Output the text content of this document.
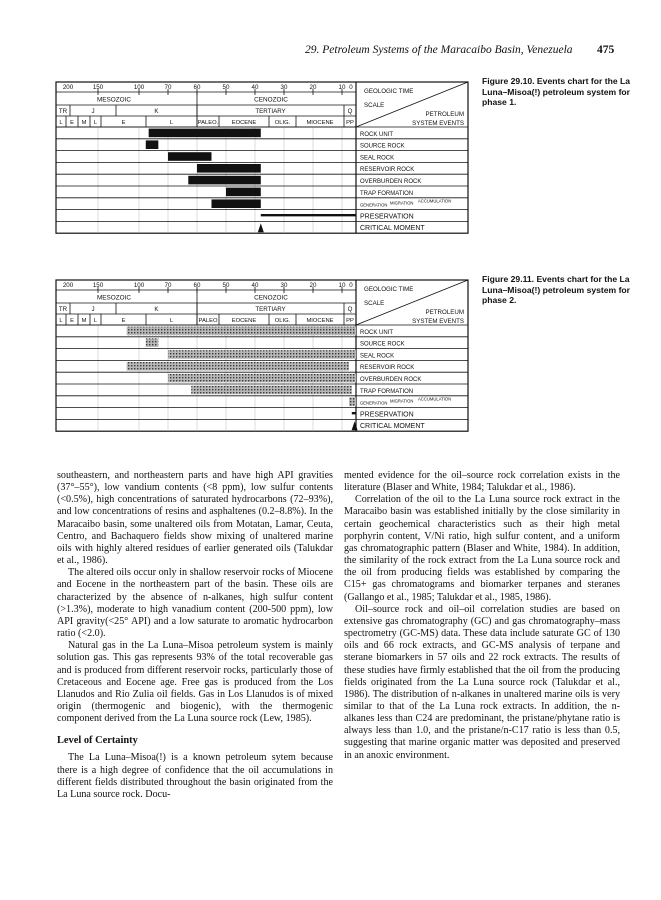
29. Petroleum Systems of the Maracaibo Basin, Venezuela 475
200	150	100	70	60	50	40	30	20	10 0
MESOZOIC	CENOZOIC
TR	J	K	TERTIARY	Q
L E M L	E	L	PALEO. EOCENE	OLIG.	MIOCENE PP
GEOLOGIC TIME
SCALE
PETROLEUM
SYSTEM EVENTS
ROCK UNIT
SOURCE ROCK
SEAL ROCK
RESERVOIR ROCK
OVERBURDEN ROCK
TRAP FORMATION
GENERATION MIGRATION ACCUMULATION
PRESERVATION
CRITICAL MOMENT
Figure 29.10. Events chart for the La Luna–Misoa(!) petroleum system for phase 1.
200	150	100	70	60	50	40	30	20	10 0
MESOZOIC	CENOZOIC
TR	J	K	TERTIARY	Q
L E M L	E	L	PALEO EOCENE	OLIG.	MIOCENE PP
GEOLOGIC TIME
SCALE
PETROLEUM
SYSTEM EVENTS
ROCK UNIT
SOURCE ROCK
SEAL ROCK
RESERVOIR ROCK
OVERBURDEN ROCK
TRAP FORMATION
GENERATION MIGRATION ACCUMULATION
PRESERVATION
CRITICAL MOMENT
Figure 29.11. Events chart for the La Luna–Misoa(!) petroleum system for phase 2.

southeastern, and northeastern parts and have high API gravities (37°–55°), low vandium contents (<8 ppm), low sulfur contents (<0.5%), high concentrations of saturated hydrocarbons (72–93%), and low concentrations of resins and asphaltenes (0.2–8.8%). In the Maracaibo basin, some unaltered oils from Motatan, Lamar, Ceuta, Centro, and Bachaquero fields show mixing of unaltered marine oils with highly altered residues of earlier generated oils (Talukdar et al., 1986).

The altered oils occur only in shallow reservoir rocks of Miocene and Eocene in the northeastern part of the basin. These oils are characterized by the absence of n-alkanes, high sulfur content (>1.3%), moderate to high vanadium content (200-500 ppm), low API gravity(<25° API) and a low saturate to aromatic hydrocarbon ratio (<2.0).

Natural gas in the La Luna–Misoa petroleum system is mainly solution gas. This gas represents 93% of the total recoverable gas and is produced from different reservoir rocks, particularly those of Cretaceous and Eocene age. Free gas is produced from the Los Llanudos and Rio Zulia oil fields. Gas in Los Llanudos is of mixed origin (thermogenic and biogenic), with the thermogenic component derived from the La Luna source rock (Lew, 1985).

Level of Certainty

The La Luna–Misoa(!) is a known petroleum sytem because there is a high degree of confidence that the oil accumulations in different fields distributed throughout the basin originated from the La Luna source rock. Docu-

mented evidence for the oil–source rock correlation exists in the literature (Blaser and White, 1984; Talukdar et al., 1986).

Correlation of the oil to the La Luna source rock extract in the Maracaibo basin was established initially by the close similarity in certain geochemical characteristics such as their high metal porphyrin content, V/Ni ratio, high sulfur content, and a uniform gas chromatographic pattern (Blaser and White, 1984). In addition, the similarity of the rock extract from the La Luna source rock and the oil from producing fields was established by comparing the C15+ gas chromatograms and biomarker terpanes and steranes (Gallango et al., 1985; Talukdar et al., 1985, 1986).

Oil–source rock and oil–oil correlation studies are based on extensive gas chromatography (GC) and gas chromatography–mass spectrometry (GC-MS) data. These data include saturate GC of 130 oils and 66 rock extracts, and GC-MS analysis of terpane and sterane biomarkers in 57 oils and 22 rock extracts. The results of these studies have firmly established that the oil from the producing fields originated from the La Luna source rock (Talukdar et al., 1986). The distribution of n-alkanes in unaltered marine oils is very similar to that of the La Luna rock extracts. In addition, the n-alkanes less than C24 are predominant, the pristane/phytane ratio is always less than 1.0, and the pristane/n-C17 ratio is less than 0.5, suggesting that marine organic matter was deposited and preserved in an anoxic environment.
